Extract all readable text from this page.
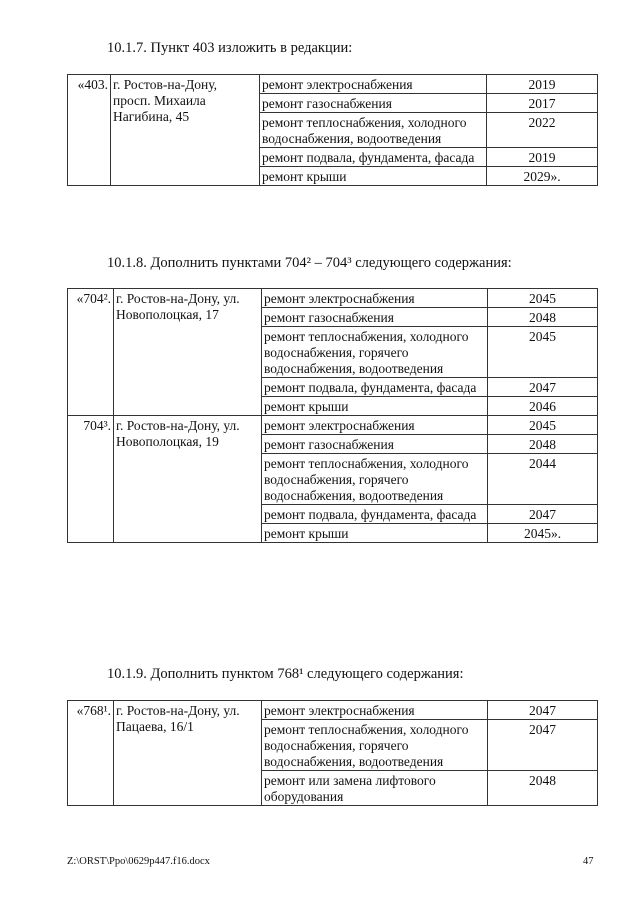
10.1.7. Пункт 403 изложить в редакции:
«403.	г. Ростов-на-Дону, просп. Михаила Нагибина, 45	ремонт электроснабжения	2019
		ремонт газоснабжения	2017
		ремонт теплоснабжения, холодного водоснабжения, водоотведения	2022
		ремонт подвала, фундамента, фасада	2019
		ремонт крыши	2029».
10.1.8. Дополнить пунктами 704² – 704³ следующего содержания:
«704².	г. Ростов-на-Дону, ул. Новополоцкая, 17	ремонт электроснабжения	2045
		ремонт газоснабжения	2048
		ремонт теплоснабжения, холодного водоснабжения, горячего водоснабжения, водоотведения	2045
		ремонт подвала, фундамента, фасада	2047
		ремонт крыши	2046
704³.	г. Ростов-на-Дону, ул. Новополоцкая, 19	ремонт электроснабжения	2045
		ремонт газоснабжения	2048
		ремонт теплоснабжения, холодного водоснабжения, горячего водоснабжения, водоотведения	2044
		ремонт подвала, фундамента, фасада	2047
		ремонт крыши	2045».
10.1.9. Дополнить пунктом 768¹ следующего содержания:
«768¹.	г. Ростов-на-Дону, ул. Пацаева, 16/1	ремонт электроснабжения	2047
		ремонт теплоснабжения, холодного водоснабжения, горячего водоснабжения, водоотведения	2047
		ремонт или замена лифтового оборудования	2048
Z:\ORST\Ppo\0629p447.f16.docx	47
